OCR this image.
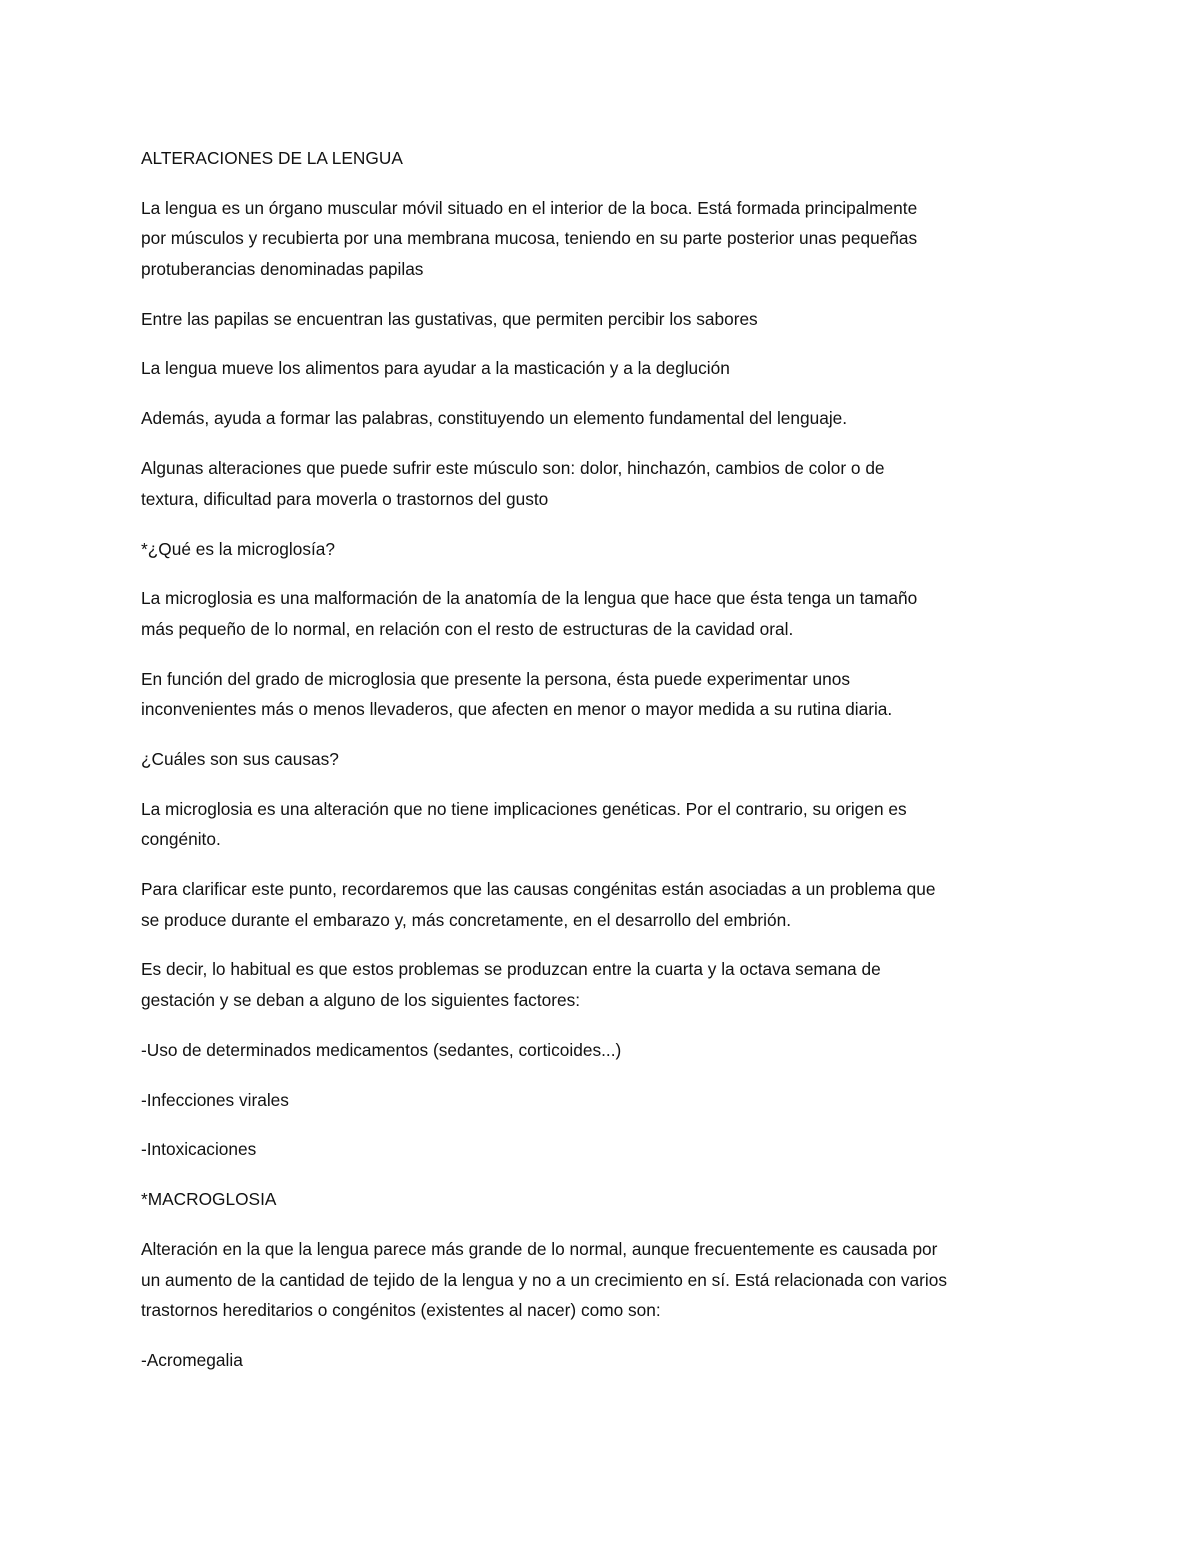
ALTERACIONES DE LA LENGUA
La lengua es un órgano muscular móvil situado en el interior de la boca. Está formada principalmente
por músculos y recubierta por una membrana mucosa, teniendo en su parte posterior unas pequeñas
protuberancias denominadas papilas
Entre las papilas se encuentran las gustativas, que permiten percibir los sabores
La lengua mueve los alimentos para ayudar a la masticación y a la deglución
Además, ayuda a formar las palabras, constituyendo un elemento fundamental del lenguaje.
Algunas alteraciones que puede sufrir este músculo son: dolor, hinchazón, cambios de color o de
textura, dificultad para moverla o trastornos del gusto
*¿Qué es la microglosía?
La microglosia es una malformación de la anatomía de la lengua que hace que ésta tenga un tamaño
más pequeño de lo normal, en relación con el resto de estructuras de la cavidad oral.
En función del grado de microglosia que presente la persona, ésta puede experimentar unos
inconvenientes más o menos llevaderos, que afecten en menor o mayor medida a su rutina diaria.
¿Cuáles son sus causas?
La microglosia es una alteración que no tiene implicaciones genéticas. Por el contrario, su origen es
congénito.
Para clarificar este punto, recordaremos que las causas congénitas están asociadas a un problema que
se produce durante el embarazo y, más concretamente, en el desarrollo del embrión.
Es decir, lo habitual es que estos problemas se produzcan entre la cuarta y la octava semana de
gestación y se deban a alguno de los siguientes factores:
-Uso de determinados medicamentos (sedantes, corticoides...)
-Infecciones virales
-Intoxicaciones
*MACROGLOSIA
Alteración en la que la lengua parece más grande de lo normal, aunque frecuentemente es causada por
un aumento de la cantidad de tejido de la lengua y no a un crecimiento en sí. Está relacionada con varios
trastornos hereditarios o congénitos (existentes al nacer) como son:
-Acromegalia
